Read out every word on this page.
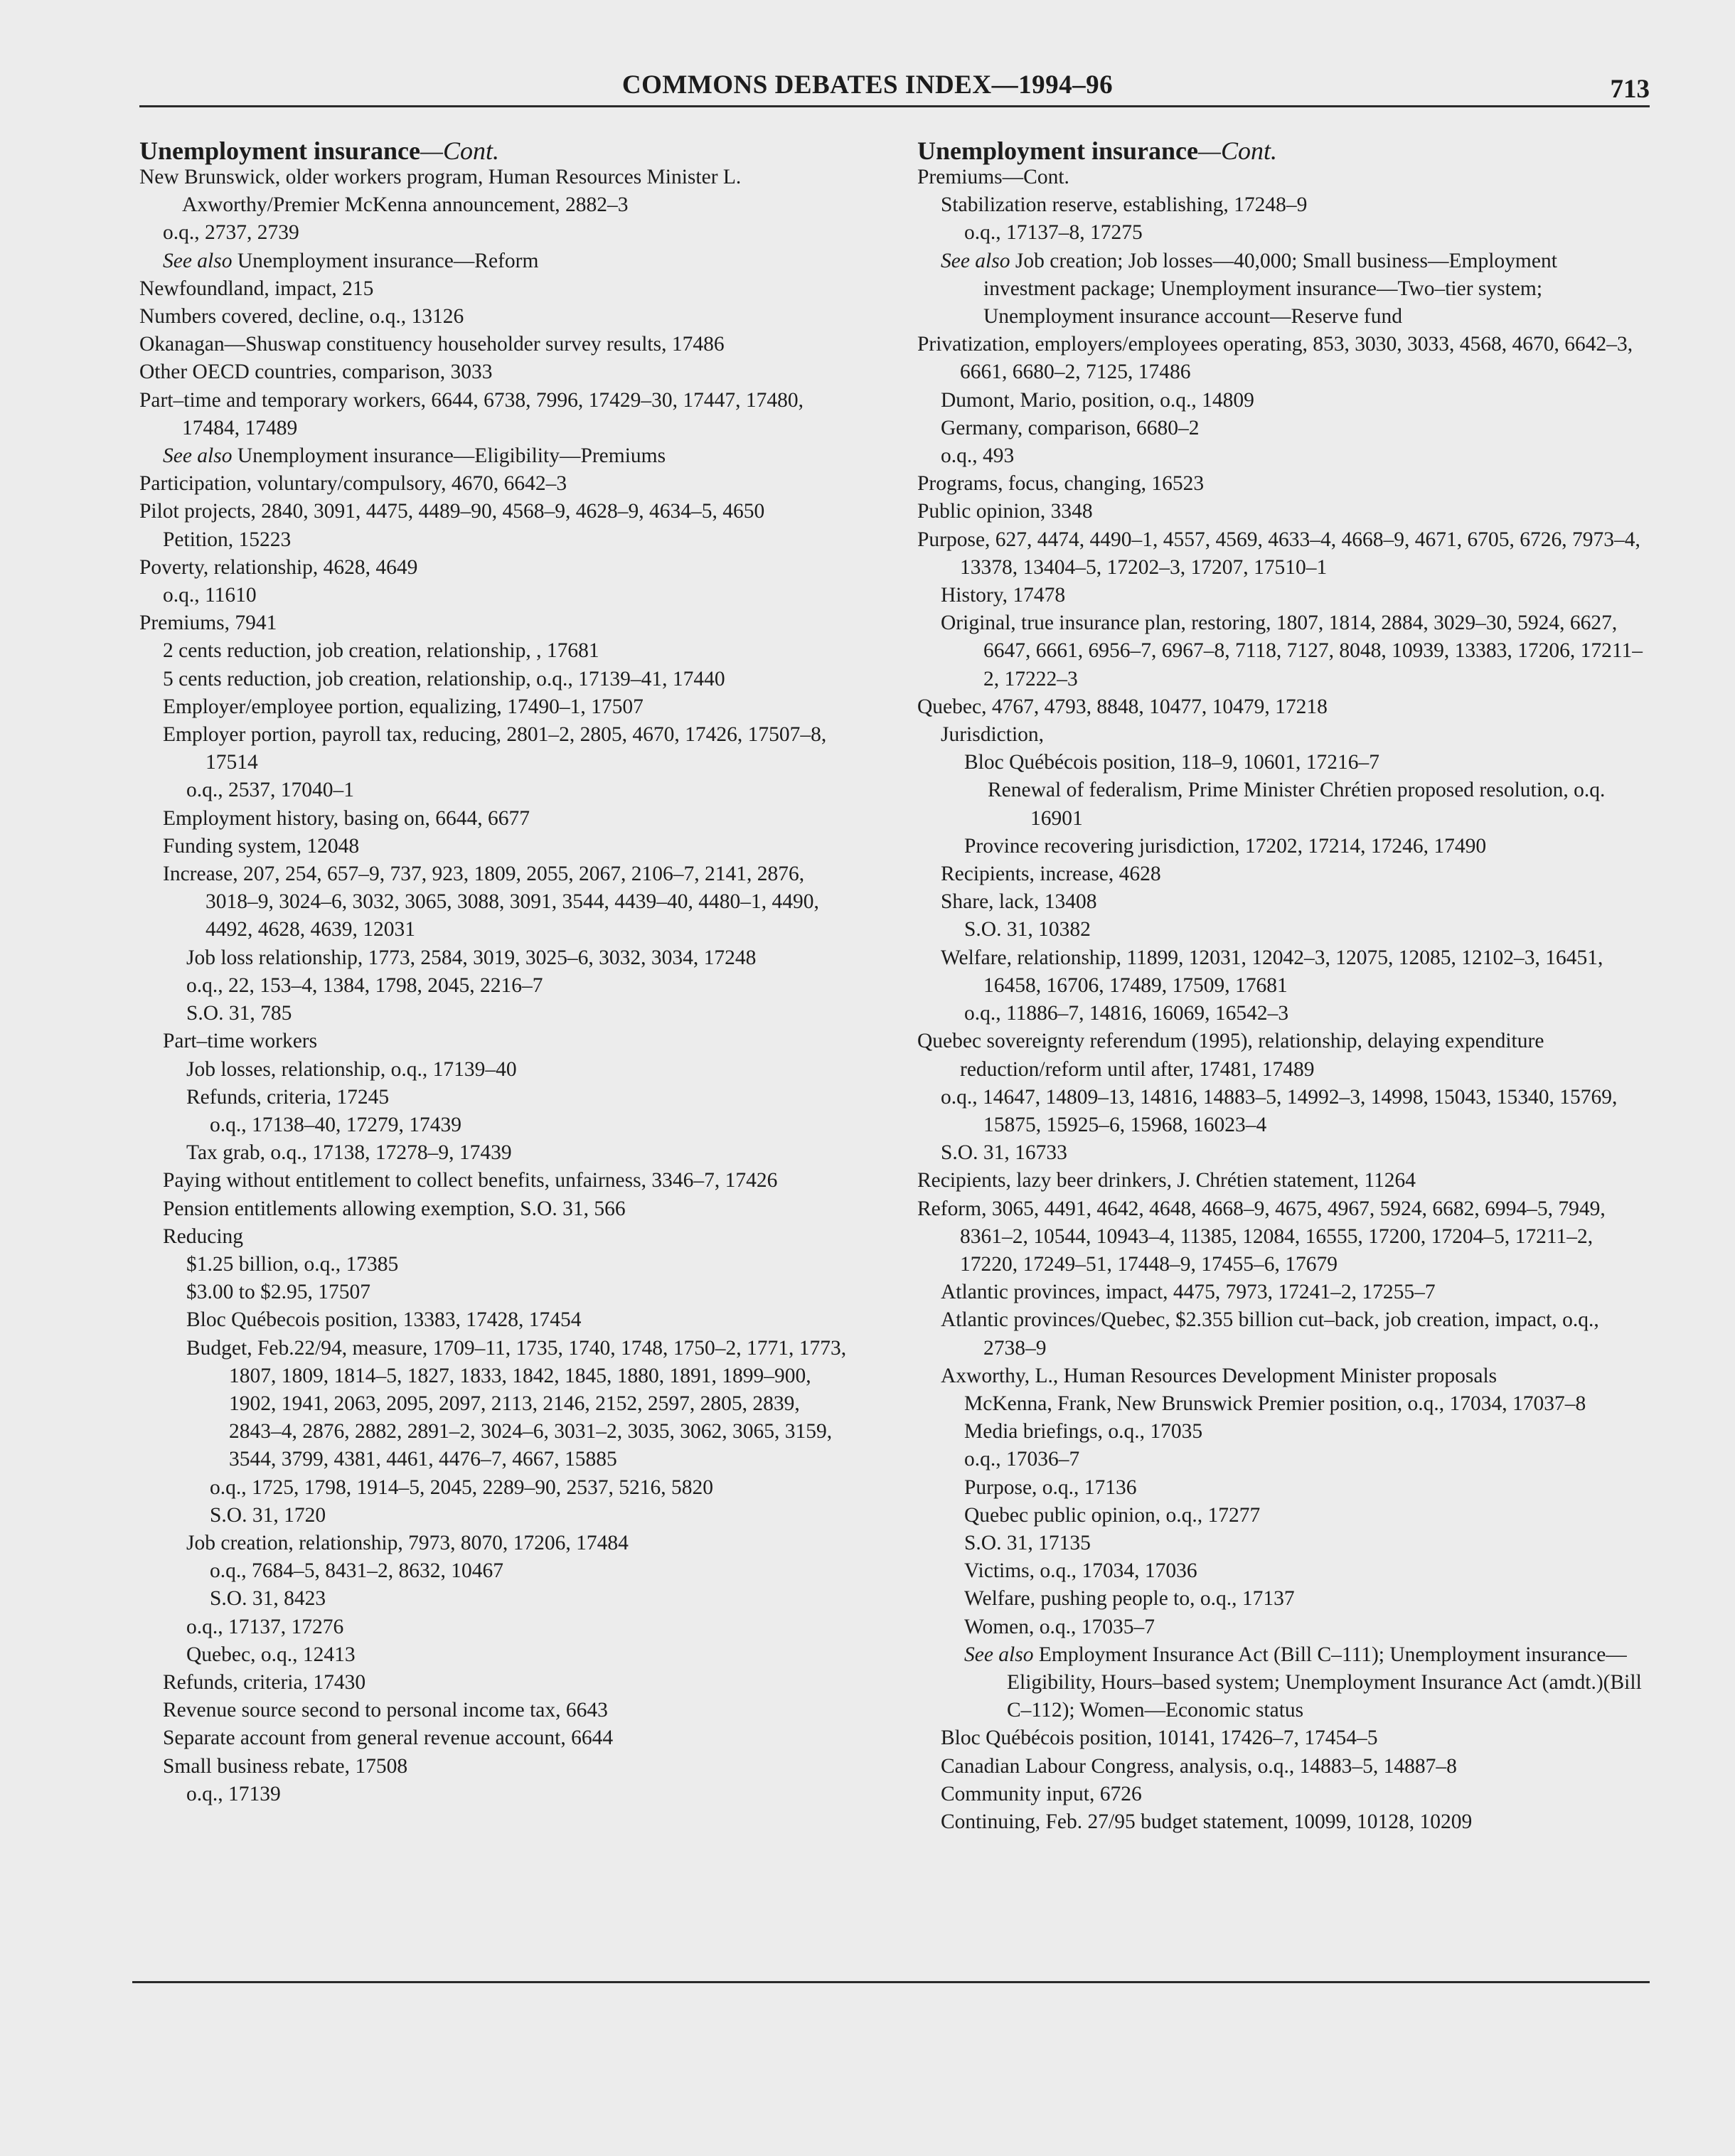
COMMONS DEBATES INDEX—1994–96	713
Unemployment insurance—Cont.
New Brunswick, older workers program, Human Resources Minister L. Axworthy/Premier McKenna announcement, 2882–3
o.q., 2737, 2739
See also Unemployment insurance—Reform
Newfoundland, impact, 215
Numbers covered, decline, o.q., 13126
Okanagan—Shuswap constituency householder survey results, 17486
Other OECD countries, comparison, 3033
Part–time and temporary workers, 6644, 6738, 7996, 17429–30, 17447, 17480, 17484, 17489
See also Unemployment insurance—Eligibility—Premiums
Participation, voluntary/compulsory, 4670, 6642–3
Pilot projects, 2840, 3091, 4475, 4489–90, 4568–9, 4628–9, 4634–5, 4650
Petition, 15223
Poverty, relationship, 4628, 4649
o.q., 11610
Premiums, 7941
2 cents reduction, job creation, relationship, , 17681
5 cents reduction, job creation, relationship, o.q., 17139–41, 17440
Employer/employee portion, equalizing, 17490–1, 17507
Employer portion, payroll tax, reducing, 2801–2, 2805, 4670, 17426, 17507–8, 17514
o.q., 2537, 17040–1
Employment history, basing on, 6644, 6677
Funding system, 12048
Increase, 207, 254, 657–9, 737, 923, 1809, 2055, 2067, 2106–7, 2141, 2876, 3018–9, 3024–6, 3032, 3065, 3088, 3091, 3544, 4439–40, 4480–1, 4490, 4492, 4628, 4639, 12031
Job loss relationship, 1773, 2584, 3019, 3025–6, 3032, 3034, 17248
o.q., 22, 153–4, 1384, 1798, 2045, 2216–7
S.O. 31, 785
Part–time workers
Job losses, relationship, o.q., 17139–40
Refunds, criteria, 17245
o.q., 17138–40, 17279, 17439
Tax grab, o.q., 17138, 17278–9, 17439
Paying without entitlement to collect benefits, unfairness, 3346–7, 17426
Pension entitlements allowing exemption, S.O. 31, 566
Reducing
$1.25 billion, o.q., 17385
$3.00 to $2.95, 17507
Bloc Québecois position, 13383, 17428, 17454
Budget, Feb.22/94, measure, 1709–11, 1735, 1740, 1748, 1750–2, 1771, 1773, 1807, 1809, 1814–5, 1827, 1833, 1842, 1845, 1880, 1891, 1899–900, 1902, 1941, 2063, 2095, 2097, 2113, 2146, 2152, 2597, 2805, 2839, 2843–4, 2876, 2882, 2891–2, 3024–6, 3031–2, 3035, 3062, 3065, 3159, 3544, 3799, 4381, 4461, 4476–7, 4667, 15885
o.q., 1725, 1798, 1914–5, 2045, 2289–90, 2537, 5216, 5820
S.O. 31, 1720
Job creation, relationship, 7973, 8070, 17206, 17484
o.q., 7684–5, 8431–2, 8632, 10467
S.O. 31, 8423
o.q., 17137, 17276
Quebec, o.q., 12413
Refunds, criteria, 17430
Revenue source second to personal income tax, 6643
Separate account from general revenue account, 6644
Small business rebate, 17508
o.q., 17139
Unemployment insurance—Cont.
Premiums—Cont.
Stabilization reserve, establishing, 17248–9
o.q., 17137–8, 17275
See also Job creation; Job losses—40,000; Small business—Employment investment package; Unemployment insurance—Two–tier system; Unemployment insurance account—Reserve fund
Privatization, employers/employees operating, 853, 3030, 3033, 4568, 4670, 6642–3, 6661, 6680–2, 7125, 17486
Dumont, Mario, position, o.q., 14809
Germany, comparison, 6680–2
o.q., 493
Programs, focus, changing, 16523
Public opinion, 3348
Purpose, 627, 4474, 4490–1, 4557, 4569, 4633–4, 4668–9, 4671, 6705, 6726, 7973–4, 13378, 13404–5, 17202–3, 17207, 17510–1
History, 17478
Original, true insurance plan, restoring, 1807, 1814, 2884, 3029–30, 5924, 6627, 6647, 6661, 6956–7, 6967–8, 7118, 7127, 8048, 10939, 13383, 17206, 17211–2, 17222–3
Quebec, 4767, 4793, 8848, 10477, 10479, 17218
Jurisdiction,
Bloc Québécois position, 118–9, 10601, 17216–7
Renewal of federalism, Prime Minister Chrétien proposed resolution, o.q. 16901
Province recovering jurisdiction, 17202, 17214, 17246, 17490
Recipients, increase, 4628
Share, lack, 13408
S.O. 31, 10382
Welfare, relationship, 11899, 12031, 12042–3, 12075, 12085, 12102–3, 16451, 16458, 16706, 17489, 17509, 17681
o.q., 11886–7, 14816, 16069, 16542–3
Quebec sovereignty referendum (1995), relationship, delaying expenditure reduction/reform until after, 17481, 17489
o.q., 14647, 14809–13, 14816, 14883–5, 14992–3, 14998, 15043, 15340, 15769, 15875, 15925–6, 15968, 16023–4
S.O. 31, 16733
Recipients, lazy beer drinkers, J. Chrétien statement, 11264
Reform, 3065, 4491, 4642, 4648, 4668–9, 4675, 4967, 5924, 6682, 6994–5, 7949, 8361–2, 10544, 10943–4, 11385, 12084, 16555, 17200, 17204–5, 17211–2, 17220, 17249–51, 17448–9, 17455–6, 17679
Atlantic provinces, impact, 4475, 7973, 17241–2, 17255–7
Atlantic provinces/Quebec, $2.355 billion cut–back, job creation, impact, o.q., 2738–9
Axworthy, L., Human Resources Development Minister proposals
McKenna, Frank, New Brunswick Premier position, o.q., 17034, 17037–8
Media briefings, o.q., 17035
o.q., 17036–7
Purpose, o.q., 17136
Quebec public opinion, o.q., 17277
S.O. 31, 17135
Victims, o.q., 17034, 17036
Welfare, pushing people to, o.q., 17137
Women, o.q., 17035–7
See also Employment Insurance Act (Bill C–111); Unemployment insurance—Eligibility, Hours–based system; Unemployment Insurance Act (amdt.)(Bill C–112); Women—Economic status
Bloc Québécois position, 10141, 17426–7, 17454–5
Canadian Labour Congress, analysis, o.q., 14883–5, 14887–8
Community input, 6726
Continuing, Feb. 27/95 budget statement, 10099, 10128, 10209
